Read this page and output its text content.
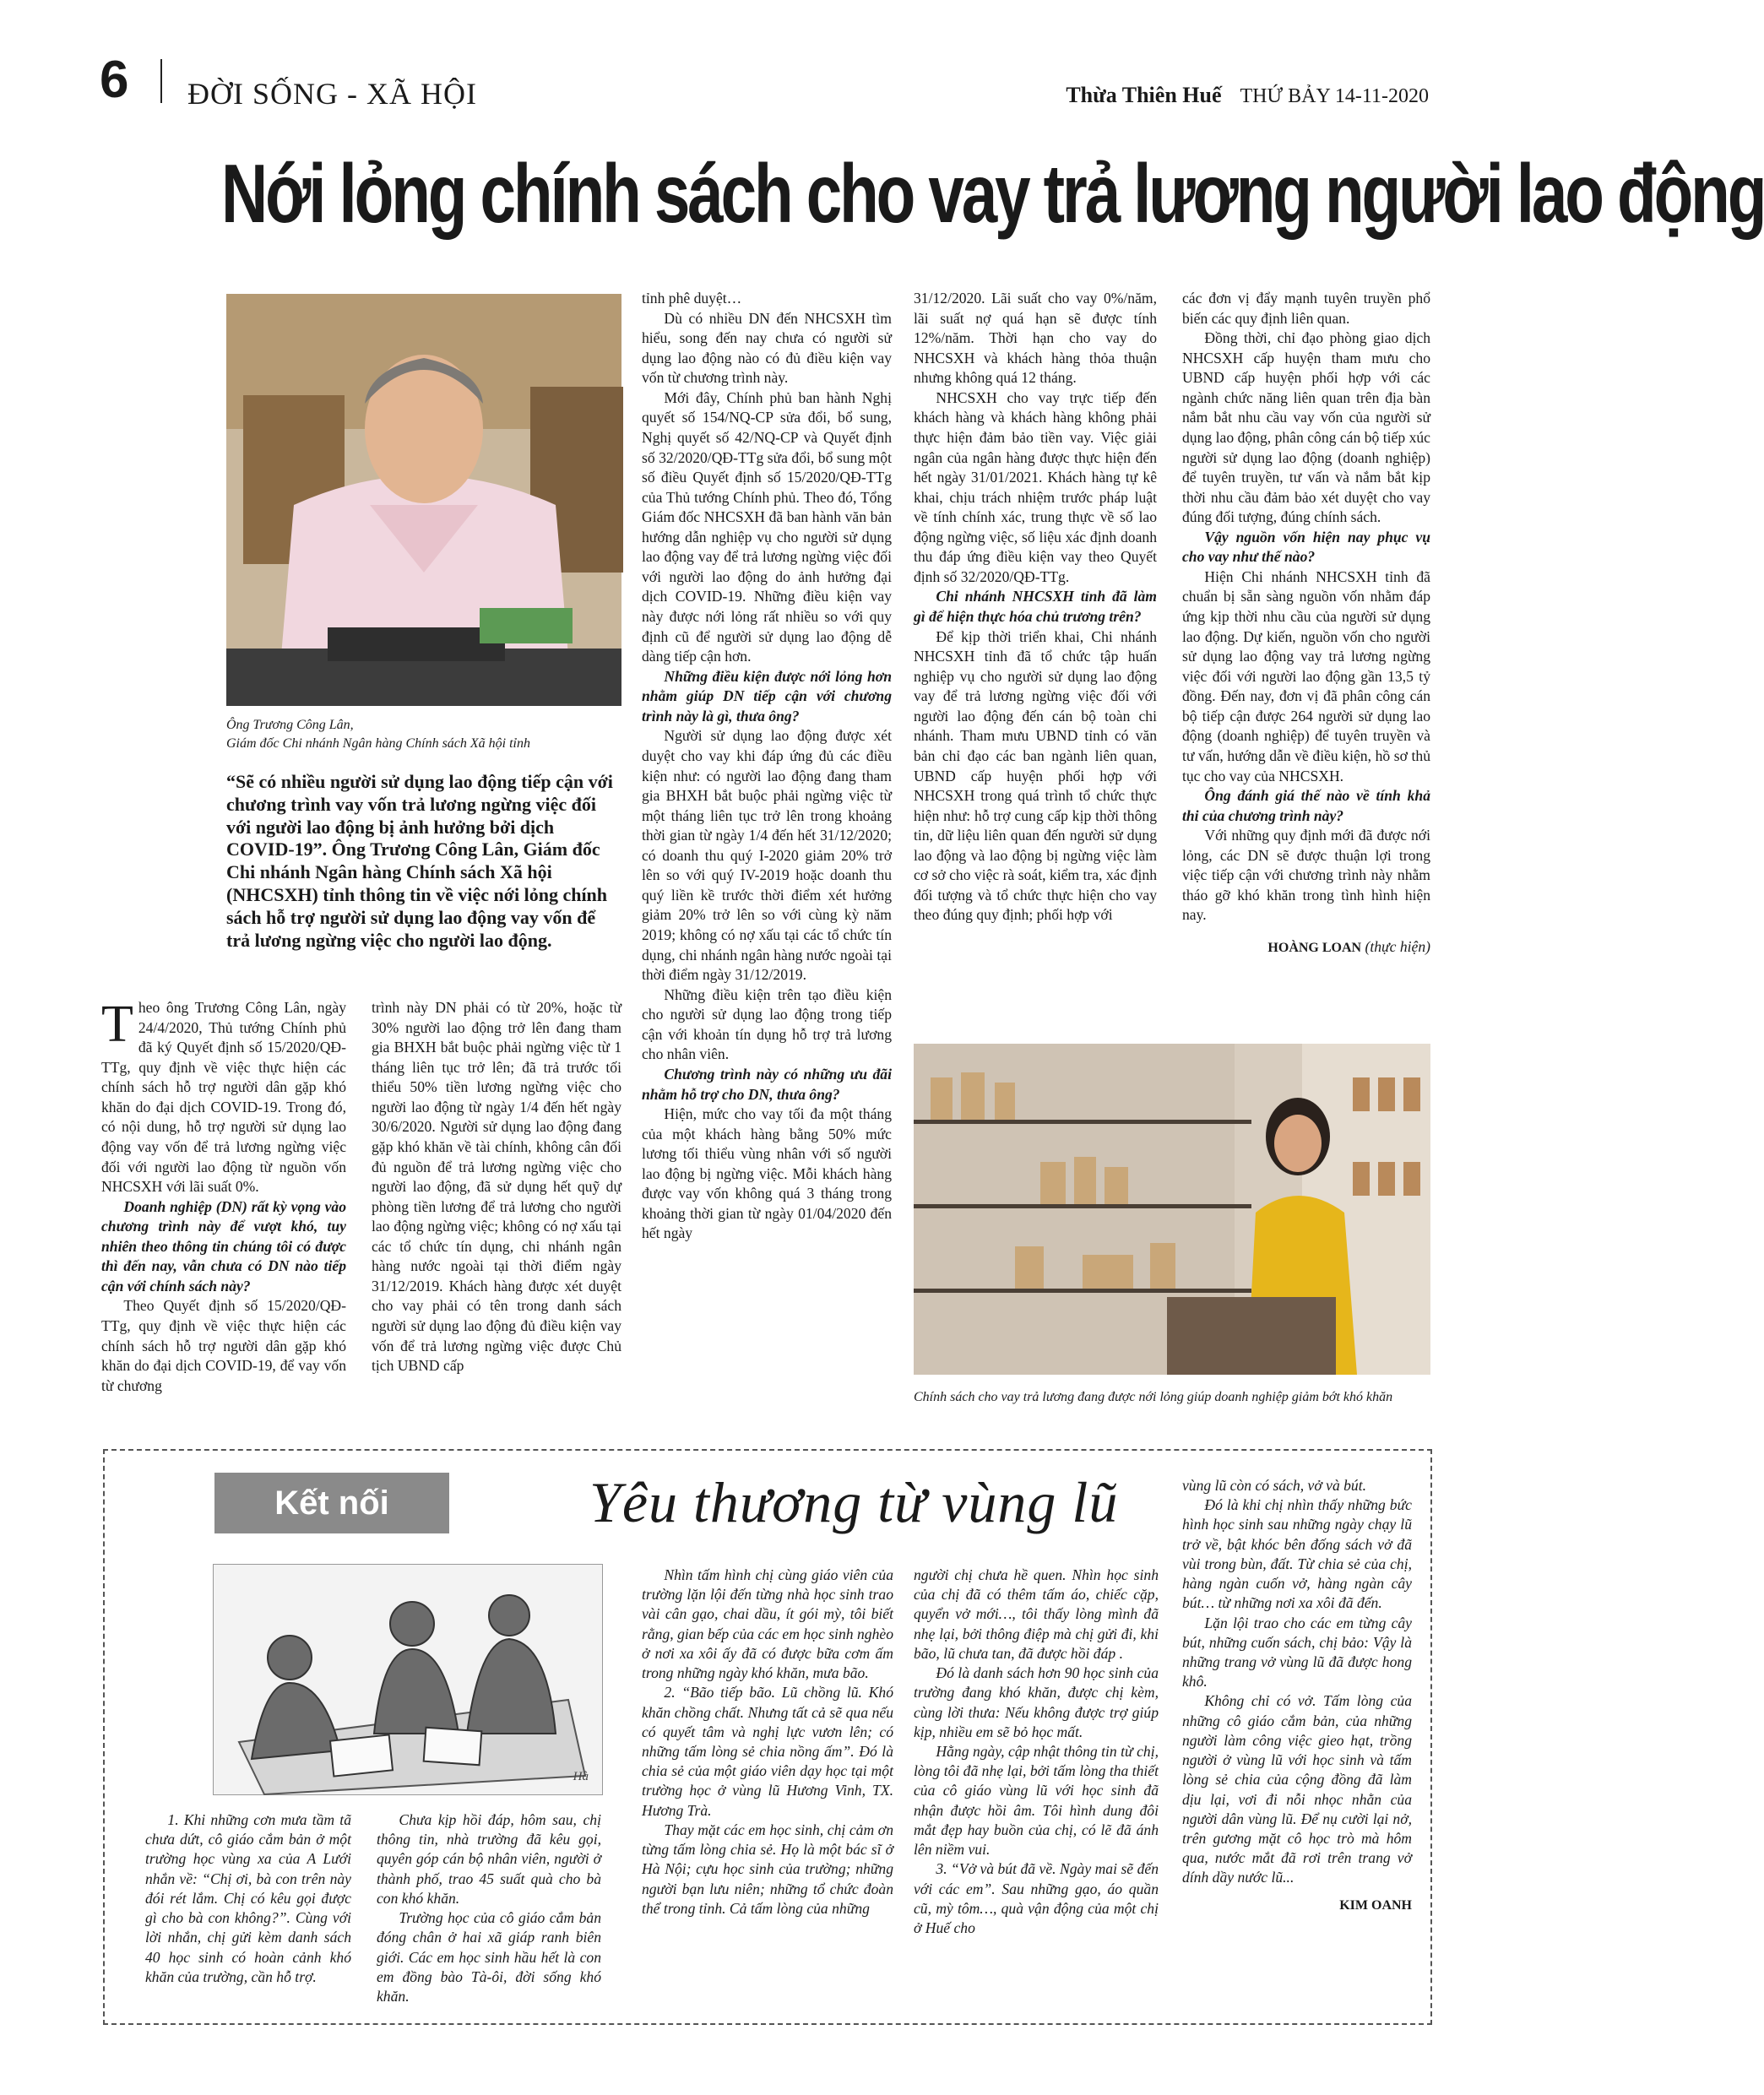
6 ĐỜI SỐNG - XÃ HỘI	Thừa Thiên Huế THỨ BẢY 14-11-2020
Nới lỏng chính sách cho vay trả lương người lao động
Ông Trương Công Lân,
Giám đốc Chi nhánh Ngân hàng Chính sách Xã hội tỉnh
“Sẽ có nhiều người sử dụng lao động tiếp cận với chương trình vay vốn trả lương ngừng việc đối với người lao động bị ảnh hưởng bởi dịch COVID-19”. Ông Trương Công Lân, Giám đốc Chi nhánh Ngân hàng Chính sách Xã hội (NHCSXH) tỉnh thông tin về việc nới lỏng chính sách hỗ trợ người sử dụng lao động vay vốn để trả lương ngừng việc cho người lao động.

Theo ông Trương Công Lân, ngày 24/4/2020, Thủ tướng Chính phủ đã ký Quyết định số 15/2020/QĐ-TTg, quy định về việc thực hiện các chính sách hỗ trợ người dân gặp khó khăn do đại dịch COVID-19. Trong đó, có nội dung, hỗ trợ người sử dụng lao động vay vốn để trả lương ngừng việc đối với người lao động từ nguồn vốn NHCSXH với lãi suất 0%.

Doanh nghiệp (DN) rất kỳ vọng vào chương trình này để vượt khó, tuy nhiên theo thông tin chúng tôi có được thì đến nay, vẫn chưa có DN nào tiếp cận với chính sách này?

Theo Quyết định số 15/2020/QĐ-TTg, quy định về việc thực hiện các chính sách hỗ trợ người dân gặp khó khăn do đại dịch COVID-19, để vay vốn từ chương

trình này DN phải có từ 20%, hoặc từ 30% người lao động trở lên đang tham gia BHXH bắt buộc phải ngừng việc từ 1 tháng liên tục trở lên; đã trả trước tối thiểu 50% tiền lương ngừng việc cho người lao động từ ngày 1/4 đến hết ngày 30/6/2020. Người sử dụng lao động đang gặp khó khăn về tài chính, không cân đối đủ nguồn để trả lương ngừng việc cho người lao động, đã sử dụng hết quỹ dự phòng tiền lương để trả lương cho người lao động ngừng việc; không có nợ xấu tại các tổ chức tín dụng, chi nhánh ngân hàng nước ngoài tại thời điểm ngày 31/12/2019. Khách hàng được xét duyệt cho vay phải có tên trong danh sách người sử dụng lao động đủ điều kiện vay vốn để trả lương ngừng việc được Chủ tịch UBND cấp

tỉnh phê duyệt…

Dù có nhiều DN đến NHCSXH tìm hiểu, song đến nay chưa có người sử dụng lao động nào có đủ điều kiện vay vốn từ chương trình này.

Mới đây, Chính phủ ban hành Nghị quyết số 154/NQ-CP sửa đổi, bổ sung, Nghị quyết số 42/NQ-CP và Quyết định số 32/2020/QĐ-TTg sửa đổi, bổ sung một số điều Quyết định số 15/2020/QĐ-TTg của Thủ tướng Chính phủ. Theo đó, Tổng Giám đốc NHCSXH đã ban hành văn bản hướng dẫn nghiệp vụ cho người sử dụng lao động vay để trả lương ngừng việc đối với người lao động do ảnh hưởng đại dịch COVID-19. Những điều kiện vay này được nới lỏng rất nhiều so với quy định cũ để người sử dụng lao động dễ dàng tiếp cận hơn.

Những điều kiện được nới lỏng hơn nhằm giúp DN tiếp cận với chương trình này là gì, thưa ông?

Người sử dụng lao động được xét duyệt cho vay khi đáp ứng đủ các điều kiện như: có người lao động đang tham gia BHXH bắt buộc phải ngừng việc từ một tháng liên tục trở lên trong khoảng thời gian từ ngày 1/4 đến hết 31/12/2020; có doanh thu quý I-2020 giảm 20% trở lên so với quý IV-2019 hoặc doanh thu quý liền kề trước thời điểm xét hưởng giảm 20% trở lên so với cùng kỳ năm 2019; không có nợ xấu tại các tổ chức tín dụng, chi nhánh ngân hàng nước ngoài tại thời điểm ngày 31/12/2019.

Những điều kiện trên tạo điều kiện cho người sử dụng lao động trong tiếp cận với khoản tín dụng hỗ trợ trả lương cho nhân viên.

Chương trình này có những ưu đãi nhằm hỗ trợ cho DN, thưa ông?

Hiện, mức cho vay tối đa một tháng của một khách hàng bằng 50% mức lương tối thiểu vùng nhân với số người lao động bị ngừng việc. Mỗi khách hàng được vay vốn không quá 3 tháng trong khoảng thời gian từ ngày 01/04/2020 đến hết ngày

31/12/2020. Lãi suất cho vay 0%/năm, lãi suất nợ quá hạn sẽ được tính 12%/năm. Thời hạn cho vay do NHCSXH và khách hàng thỏa thuận nhưng không quá 12 tháng.

NHCSXH cho vay trực tiếp đến khách hàng và khách hàng không phải thực hiện đảm bảo tiền vay. Việc giải ngân của ngân hàng được thực hiện đến hết ngày 31/01/2021. Khách hàng tự kê khai, chịu trách nhiệm trước pháp luật về tính chính xác, trung thực về số lao động ngừng việc, số liệu xác định doanh thu đáp ứng điều kiện vay theo Quyết định số 32/2020/QĐ-TTg.

Chi nhánh NHCSXH tỉnh đã làm gì để hiện thực hóa chủ trương trên?

Để kịp thời triển khai, Chi nhánh NHCSXH tỉnh đã tổ chức tập huấn nghiệp vụ cho người sử dụng lao động vay để trả lương ngừng việc đối với người lao động đến cán bộ toàn chi nhánh. Tham mưu UBND tỉnh có văn bản chỉ đạo các ban ngành liên quan, UBND cấp huyện phối hợp với NHCSXH trong quá trình tổ chức thực hiện như: hỗ trợ cung cấp kịp thời thông tin, dữ liệu liên quan đến người sử dụng lao động và lao động bị ngừng việc làm cơ sở cho việc rà soát, kiểm tra, xác định đối tượng và tổ chức thực hiện cho vay theo đúng quy định; phối hợp với

các đơn vị đẩy mạnh tuyên truyền phổ biến các quy định liên quan.

Đồng thời, chỉ đạo phòng giao dịch NHCSXH cấp huyện tham mưu cho UBND cấp huyện phối hợp với các ngành chức năng liên quan trên địa bàn nắm bắt nhu cầu vay vốn của người sử dụng lao động, phân công cán bộ tiếp xúc người sử dụng lao động (doanh nghiệp) để tuyên truyền, tư vấn và nắm bắt kịp thời nhu cầu đảm bảo xét duyệt cho vay đúng đối tượng, đúng chính sách.

Vậy nguồn vốn hiện nay phục vụ cho vay như thế nào?

Hiện Chi nhánh NHCSXH tỉnh đã chuẩn bị sẵn sàng nguồn vốn nhằm đáp ứng kịp thời nhu cầu của người sử dụng lao động. Dự kiến, nguồn vốn cho người sử dụng lao động vay trả lương ngừng việc đối với người lao động gần 13,5 tỷ đồng. Đến nay, đơn vị đã phân công cán bộ tiếp cận được 264 người sử dụng lao động (doanh nghiệp) để tuyên truyền và tư vấn, hướng dẫn về điều kiện, hồ sơ thủ tục cho vay của NHCSXH.

Ông đánh giá thế nào về tính khả thi của chương trình này?

Với những quy định mới đã được nới lỏng, các DN sẽ được thuận lợi trong việc tiếp cận với chương trình này nhằm tháo gỡ khó khăn trong tình hình hiện nay.

HOÀNG LOAN (thực hiện)

Chính sách cho vay trả lương đang được nới lỏng giúp doanh nghiệp giảm bớt khó khăn
Kết nối	Yêu thương từ vùng lũ
Hà

1. Khi những cơn mưa tầm tã chưa dứt, cô giáo cắm bản ở một trường học vùng xa của A Lưới nhắn về: “Chị ơi, bà con trên này đói rét lắm. Chị có kêu gọi được gì cho bà con không?”. Cùng với lời nhắn, chị gửi kèm danh sách 40 học sinh có hoàn cảnh khó khăn của trường, cần hỗ trợ.

Chưa kịp hồi đáp, hôm sau, chị thông tin, nhà trường đã kêu gọi, quyên góp cán bộ nhân viên, người ở thành phố, trao 45 suất quà cho bà con khó khăn.

Trường học của cô giáo cắm bản đóng chân ở hai xã giáp ranh biên giới. Các em học sinh hầu hết là con em đồng bào Tà-ôi, đời sống khó khăn.

Nhìn tấm hình chị cùng giáo viên của trường lặn lội đến từng nhà học sinh trao vài cân gạo, chai dầu, ít gói mỳ, tôi biết rằng, gian bếp của các em học sinh nghèo ở nơi xa xôi ấy đã có được bữa cơm ấm trong những ngày khó khăn, mưa bão.

2. “Bão tiếp bão. Lũ chồng lũ. Khó khăn chồng chất. Nhưng tất cả sẽ qua nếu có quyết tâm và nghị lực vươn lên; có những tấm lòng sẻ chia nồng ấm”. Đó là chia sẻ của một giáo viên dạy học tại một trường học ở vùng lũ Hương Vinh, TX. Hương Trà.

Thay mặt các em học sinh, chị cảm ơn từng tấm lòng chia sẻ. Họ là một bác sĩ ở Hà Nội; cựu học sinh của trường; những người bạn lưu niên; những tổ chức đoàn thể trong tỉnh. Cả tấm lòng của những

người chị chưa hề quen. Nhìn học sinh của chị đã có thêm tấm áo, chiếc cặp, quyển vở mới…, tôi thấy lòng mình đã nhẹ lại, bởi thông điệp mà chị gửi đi, khi bão, lũ chưa tan, đã được hồi đáp .

Đó là danh sách hơn 90 học sinh của trường đang khó khăn, được chị kèm, cùng lời thưa: Nếu không được trợ giúp kịp, nhiều em sẽ bỏ học mất.

Hằng ngày, cập nhật thông tin từ chị, lòng tôi đã nhẹ lại, bởi tấm lòng tha thiết của cô giáo vùng lũ với học sinh đã nhận được hồi âm. Tôi hình dung đôi mắt đẹp hay buồn của chị, có lẽ đã ánh lên niềm vui.

3. “Vở và bút đã về. Ngày mai sẽ đến với các em”. Sau những gạo, áo quần cũ, mỳ tôm…, quà vận động của một chị ở Huế cho

vùng lũ còn có sách, vở và bút.

Đó là khi chị nhìn thấy những bức hình học sinh sau những ngày chạy lũ trở về, bật khóc bên đống sách vở đã vùi trong bùn, đất. Từ chia sẻ của chị, hàng ngàn cuốn vở, hàng ngàn cây bút… từ những nơi xa xôi đã đến.

Lặn lội trao cho các em từng cây bút, những cuốn sách, chị bảo: Vậy là những trang vở vùng lũ đã được hong khô.

Không chỉ có vở. Tấm lòng của những cô giáo cắm bản, của những người làm công việc gieo hạt, trồng người ở vùng lũ với học sinh và tấm lòng sẻ chia của cộng đồng đã làm dịu lại, vơi đi nỗi nhọc nhằn của người dân vùng lũ. Để nụ cười lại nở, trên gương mặt cô học trò mà hôm qua, nước mắt đã rơi trên trang vở dính dầy nước lũ...

KIM OANH
